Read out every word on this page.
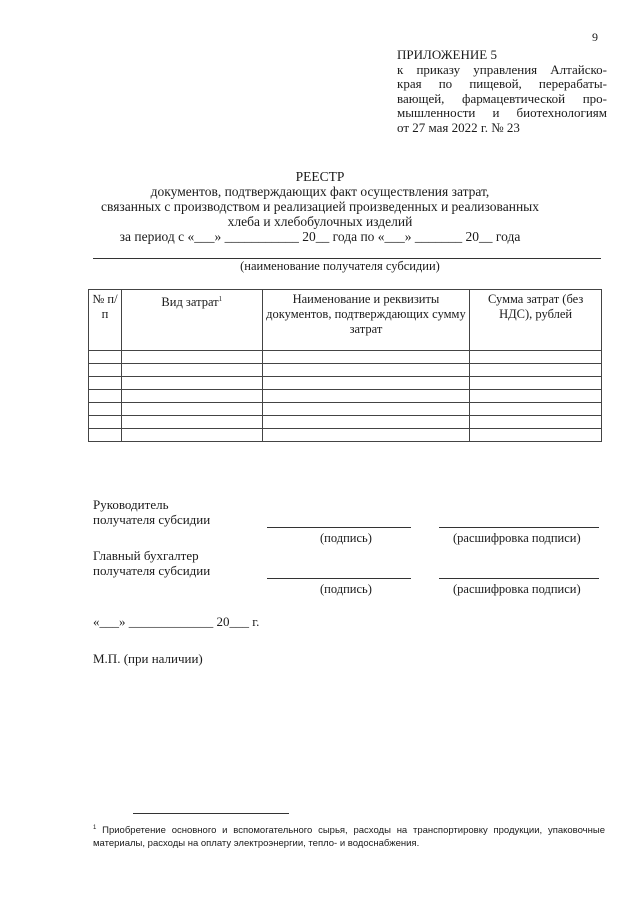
9
ПРИЛОЖЕНИЕ 5
к приказу управления Алтайско-
края по пищевой, перерабаты-
вающей, фармацевтической про-
мышленности и биотехнологиям
от 27 мая 2022 г. № 23
РЕЕСТР
документов, подтверждающих факт осуществления затрат,
связанных с производством и реализацией произведенных и реализованных
хлеба и хлебобулочных изделий
за период с «___» ___________ 20__ года по «___» _______ 20__ года
(наименование получателя субсидии)
№ п/п	Вид затрат$^1$	Наименование и реквизиты документов, подтверждающих сумму затрат	Сумма затрат (без НДС), рублей

Руководитель
получателя субсидии
(подпись)	(расшифровка подписи)
Главный бухгалтер
получателя субсидии
(подпись)	(расшифровка подписи)
«___» _____________ 20___ г.
М.П. (при наличии)
$^1$ Приобретение основного и вспомогательного сырья, расходы на транспортировку продукции, упаковочные материалы, расходы на оплату электроэнергии, тепло- и водоснабжения.
